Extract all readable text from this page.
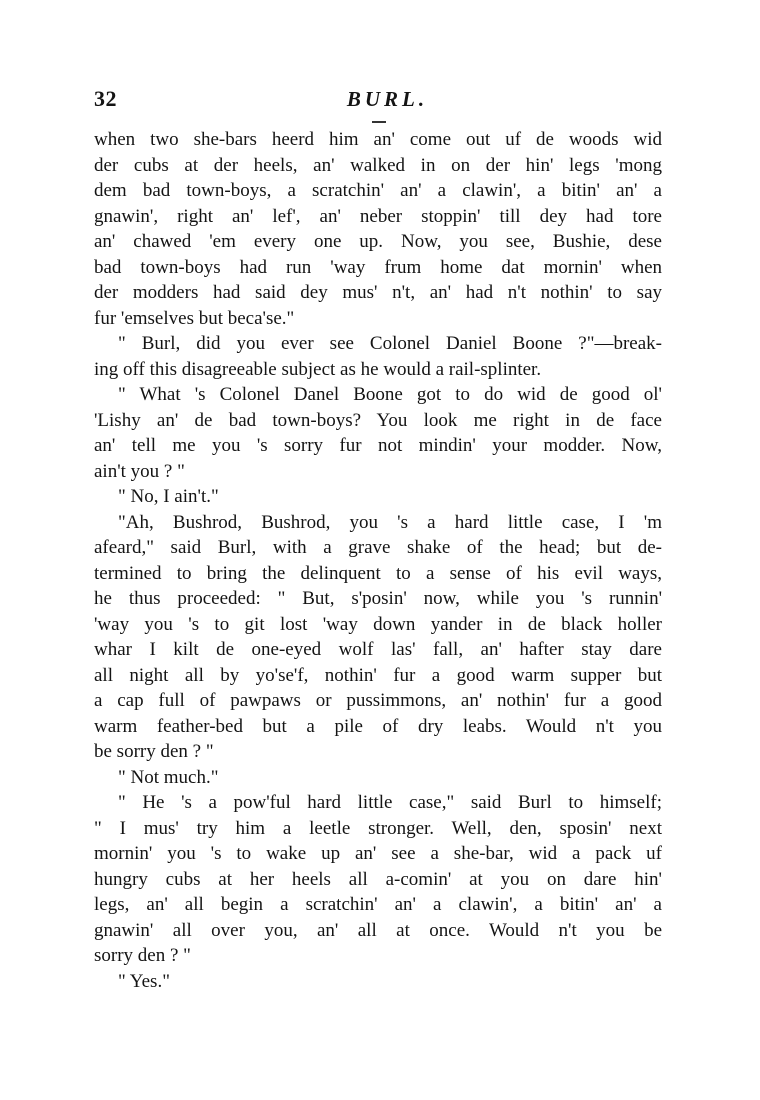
32	BURL.
when two she-bars heerd him an' come out uf de woods wid
der cubs at der heels, an' walked in on der hin' legs 'mong
dem bad town-boys, a scratchin' an' a clawin', a bitin' an' a
gnawin', right an' lef', an' neber stoppin' till dey had tore
an' chawed 'em every one up. Now, you see, Bushie, dese
bad town-boys had run 'way frum home dat mornin' when
der modders had said dey mus' n't, an' had n't nothin' to say
fur 'emselves but beca'se."
" Burl, did you ever see Colonel Daniel Boone ?"—break-
ing off this disagreeable subject as he would a rail-splinter.
" What 's Colonel Danel Boone got to do wid de good ol'
'Lishy an' de bad town-boys? You look me right in de face
an' tell me you 's sorry fur not mindin' your modder. Now,
ain't you ? "
" No, I ain't."
"Ah, Bushrod, Bushrod, you 's a hard little case, I 'm
afeard," said Burl, with a grave shake of the head; but de-
termined to bring the delinquent to a sense of his evil ways,
he thus proceeded: " But, s'posin' now, while you 's runnin'
'way you 's to git lost 'way down yander in de black holler
whar I kilt de one-eyed wolf las' fall, an' hafter stay dare
all night all by yo'se'f, nothin' fur a good warm supper but
a cap full of pawpaws or pussimmons, an' nothin' fur a good
warm feather-bed but a pile of dry leabs. Would n't you
be sorry den ? "
" Not much."
" He 's a pow'ful hard little case," said Burl to himself;
" I mus' try him a leetle stronger. Well, den, sposin' next
mornin' you 's to wake up an' see a she-bar, wid a pack uf
hungry cubs at her heels all a-comin' at you on dare hin'
legs, an' all begin a scratchin' an' a clawin', a bitin' an' a
gnawin' all over you, an' all at once. Would n't you be
sorry den ? "
" Yes."
